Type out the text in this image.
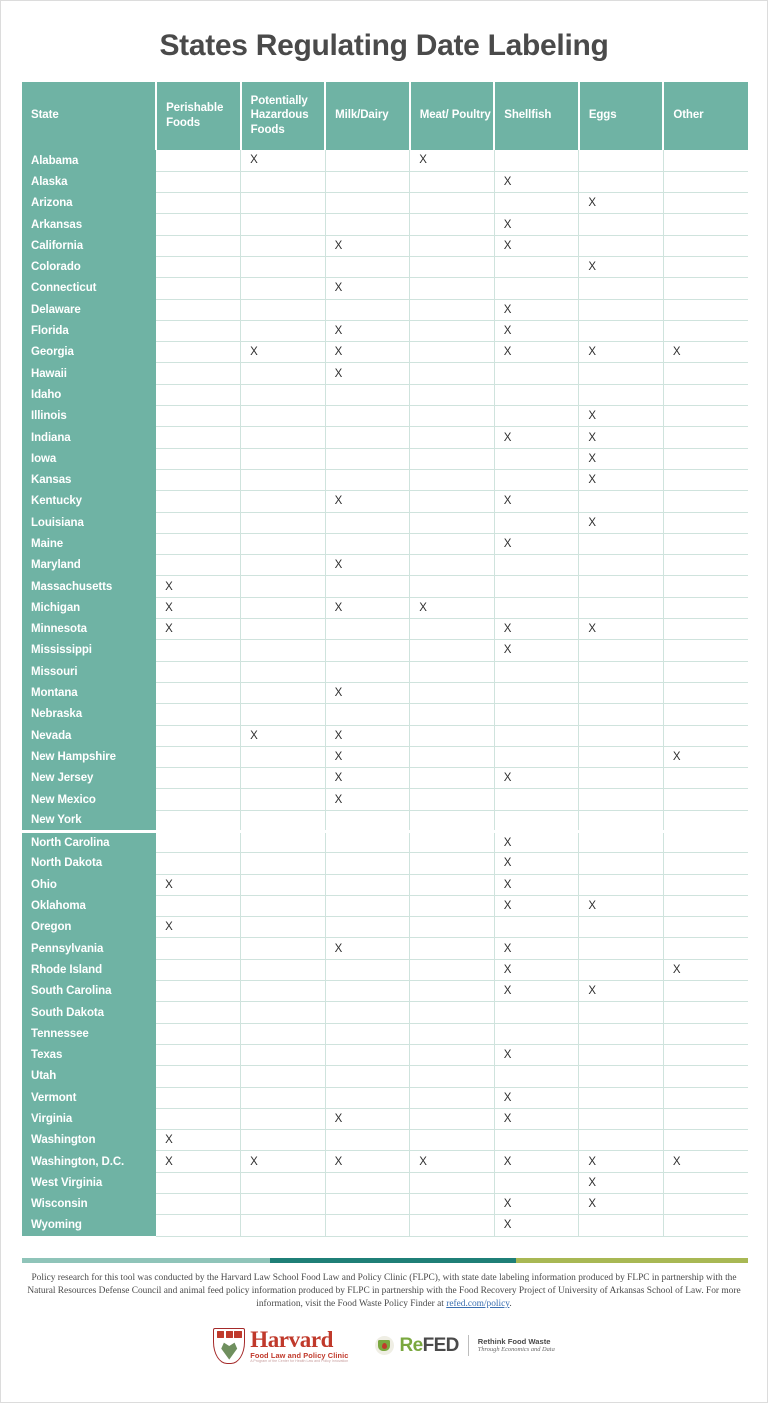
States Regulating Date Labeling
State	Perishable Foods	Potentially Hazardous Foods	Milk/Dairy	Meat/ Poultry	Shellfish	Eggs	Other
Alabama		X		X			
Alaska					X		
Arizona						X	
Arkansas					X		
California			X		X		
Colorado						X	
Connecticut			X				
Delaware					X		
Florida			X		X		
Georgia		X	X		X	X	X
Hawaii			X				
Idaho							
Illinois						X	
Indiana					X	X	
Iowa						X	
Kansas						X	
Kentucky			X		X		
Louisiana						X	
Maine					X		
Maryland			X				
Massachusetts	X						
Michigan	X		X	X			
Minnesota	X				X	X	
Mississippi					X		
Missouri							
Montana			X				
Nebraska							
Nevada		X	X				
New Hampshire			X				X
New Jersey			X		X		
New Mexico			X				
New York							
North Carolina					X		
North Dakota					X		
Ohio	X				X		
Oklahoma					X	X	
Oregon	X						
Pennsylvania			X		X		
Rhode Island					X		X
South Carolina					X	X	
South Dakota							
Tennessee							
Texas					X		
Utah							
Vermont					X		
Virginia			X		X		
Washington	X						
Washington, D.C.	X	X	X	X	X	X	X
West Virginia						X	
Wisconsin					X	X	
Wyoming					X		

Policy research for this tool was conducted by the Harvard Law School Food Law and Policy Clinic (FLPC), with state date labeling information produced by FLPC in partnership with the Natural Resources Defense Council and animal feed policy information produced by FLPC in partnership with the Food Recovery Project of University of Arkansas School of Law. For more information, visit the Food Waste Policy Finder at refed.com/policy.

Harvard
Food Law and Policy Clinic
A Program of the Center for Health Law and Policy Innovation
ReFED	Rethink Food Waste
Through Economics and Data
